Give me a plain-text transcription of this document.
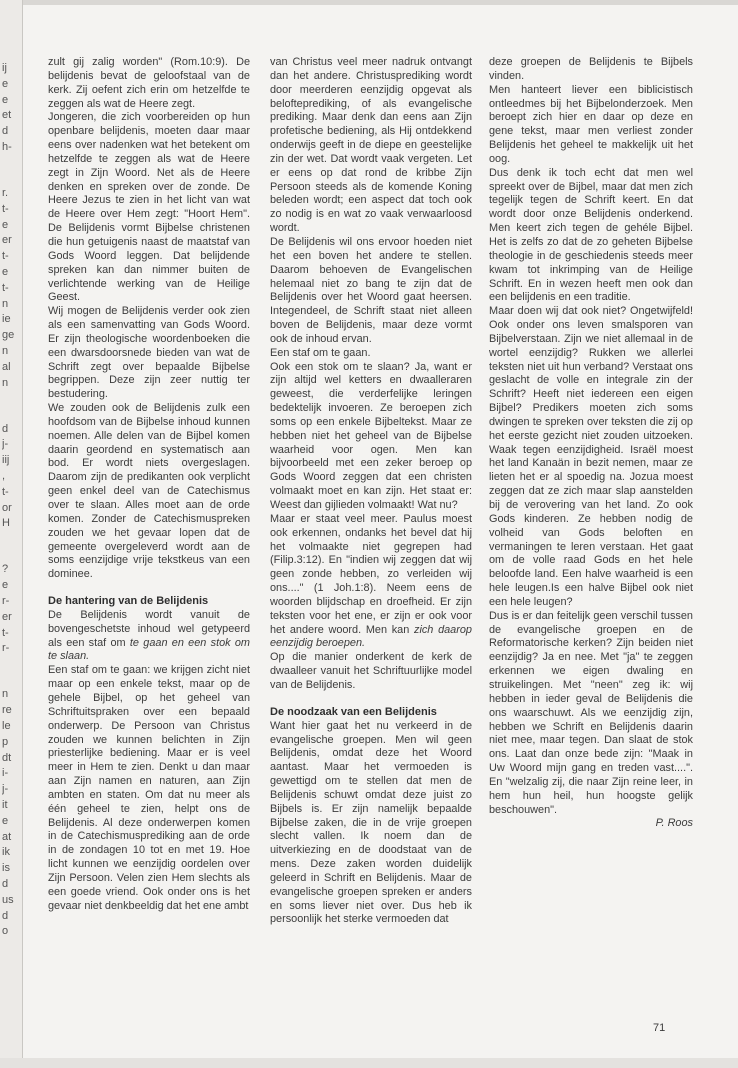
ij
e
e
et
d
h-
r.
t-
e
er
t-
e
t-
n
ie
ge
n
al
n
d
j-
iij
,
t-
or
H
?
e
r-
er
t-
r-
n
re
le
p
dt
i-
j-
it
e
at
ik
is
d
us
d
o

zult gij zalig worden" (Rom.10:9). De belijdenis bevat de geloofstaal van de kerk. Zij oefent zich erin om hetzelfde te zeggen als wat de Heere zegt.

Jongeren, die zich voorbereiden op hun openbare belijdenis, moeten daar maar eens over nadenken wat het betekent om hetzelfde te zeggen als wat de Heere zegt in Zijn Woord. Net als de Heere denken en spreken over de zonde. De Heere Jezus te zien in het licht van wat de Heere over Hem zegt: "Hoort Hem". De Belijdenis vormt Bijbelse christenen die hun getuigenis naast de maatstaf van Gods Woord leggen. Dat belijdende spreken kan dan nimmer buiten de verlichtende werking van de Heilige Geest.

Wij mogen de Belijdenis verder ook zien als een samenvatting van Gods Woord. Er zijn theologische woordenboeken die een dwarsdoorsnede bieden van wat de Schrift zegt over bepaalde Bijbelse begrippen. Deze zijn zeer nuttig ter bestudering.

We zouden ook de Belijdenis zulk een hoofdsom van de Bijbelse inhoud kunnen noemen. Alle delen van de Bijbel komen daarin geordend en systematisch aan bod. Er wordt niets overgeslagen. Daarom zijn de predikanten ook verplicht geen enkel deel van de Catechismus over te slaan. Alles moet aan de orde komen. Zonder de Catechismuspreken zouden we het gevaar lopen dat de gemeente overgeleverd wordt aan de soms eenzijdige vrije tekstkeus van een dominee.

De hantering van de Belijdenis

De Belijdenis wordt vanuit de bovengeschetste inhoud wel getypeerd als een staf om te gaan en een stok om te slaan.

Een staf om te gaan: we krijgen zicht niet maar op een enkele tekst, maar op de gehele Bijbel, op het geheel van Schriftuitspraken over een bepaald onderwerp. De Persoon van Christus zouden we kunnen belichten in Zijn priesterlijke bediening. Maar er is veel meer in Hem te zien. Denkt u dan maar aan Zijn namen en naturen, aan Zijn ambten en staten. Om dat nu meer als één geheel te zien, helpt ons de Belijdenis. Al deze onderwerpen komen in de Catechismusprediking aan de orde in de zondagen 10 tot en met 19. Hoe licht kunnen we eenzijdig oordelen over Zijn Persoon. Velen zien Hem slechts als een goede vriend. Ook onder ons is het gevaar niet denkbeeldig dat het ene ambt

van Christus veel meer nadruk ontvangt dan het andere. Christusprediking wordt door meerderen eenzijdig opgevat als belofteprediking, of als evangelische prediking. Maar denk dan eens aan Zijn profetische bediening, als Hij ontdekkend onderwijs geeft in de diepe en geestelijke zin der wet. Dat wordt vaak vergeten. Let er eens op dat rond de kribbe Zijn Persoon steeds als de komende Koning beleden wordt; een aspect dat toch ook zo nodig is en wat zo vaak verwaarloosd wordt.

De Belijdenis wil ons ervoor hoeden niet het een boven het andere te stellen. Daarom behoeven de Evangelischen helemaal niet zo bang te zijn dat de Belijdenis over het Woord gaat heersen. Integendeel, de Schrift staat niet alleen boven de Belijdenis, maar deze vormt ook de inhoud ervan.

Een staf om te gaan.

Ook een stok om te slaan? Ja, want er zijn altijd wel ketters en dwaalleraren geweest, die verderfelijke leringen bedektelijk invoeren. Ze beroepen zich soms op een enkele Bijbeltekst. Maar ze hebben niet het geheel van de Bijbelse waarheid voor ogen. Men kan bijvoorbeeld met een zeker beroep op Gods Woord zeggen dat een christen volmaakt moet en kan zijn. Het staat er: Weest dan gijlieden volmaakt! Wat nu?

Maar er staat veel meer. Paulus moest ook erkennen, ondanks het bevel dat hij het volmaakte niet gegrepen had (Filip.3:12). En "indien wij zeggen dat wij geen zonde hebben, zo verleiden wij ons...." (1 Joh.1:8). Neem eens de woorden blijdschap en droefheid. Er zijn teksten voor het ene, er zijn er ook voor het andere woord. Men kan zich daarop eenzijdig beroepen.

Op die manier onderkent de kerk de dwaalleer vanuit het Schriftuurlijke model van de Belijdenis.

De noodzaak van een Belijdenis

Want hier gaat het nu verkeerd in de evangelische groepen. Men wil geen Belijdenis, omdat deze het Woord aantast. Maar het vermoeden is gewettigd om te stellen dat men de Belijdenis schuwt omdat deze juist zo Bijbels is. Er zijn namelijk bepaalde Bijbelse zaken, die in de vrije groepen slecht vallen. Ik noem dan de uitverkiezing en de doodstaat van de mens. Deze zaken worden duidelijk geleerd in Schrift en Belijdenis. Maar de evangelische groepen spreken er anders en soms liever niet over. Dus heb ik persoonlijk het sterke vermoeden dat

deze groepen de Belijdenis te Bijbels vinden.

Men hanteert liever een biblicistisch ontleedmes bij het Bijbelonderzoek. Men beroept zich hier en daar op deze en gene tekst, maar men verliest zonder Belijdenis het geheel te makkelijk uit het oog.

Dus denk ik toch echt dat men wel spreekt over de Bijbel, maar dat men zich tegelijk tegen de Schrift keert. En dat wordt door onze Belijdenis onderkend. Men keert zich tegen de gehéle Bijbel. Het is zelfs zo dat de zo geheten Bijbelse theologie in de geschiedenis steeds meer kwam tot inkrimping van de Heilige Schrift. En in wezen heeft men ook dan een belijdenis en een traditie.

Maar doen wij dat ook niet? Ongetwijfeld! Ook onder ons leven smalsporen van Bijbelverstaan. Zijn we niet allemaal in de wortel eenzijdig? Rukken we allerlei teksten niet uit hun verband? Verstaat ons geslacht de volle en integrale zin der Schrift? Heeft niet iedereen een eigen Bijbel? Predikers moeten zich soms dwingen te spreken over teksten die zij op het eerste gezicht niet zouden uitzoeken. Waak tegen eenzijdigheid. Israël moest het land Kanaän in bezit nemen, maar ze lieten het er al spoedig na. Jozua moest zeggen dat ze zich maar slap aanstelden bij de verovering van het land. Zo ook Gods kinderen. Ze hebben nodig de volheid van Gods beloften en vermaningen te leren verstaan. Het gaat om de volle raad Gods en het hele beloofde land. Een halve waarheid is een hele leugen.Is een halve Bijbel ook niet een hele leugen?

Dus is er dan feitelijk geen verschil tussen de evangelische groepen en de Reformatorische kerken? Zijn beiden niet eenzijdig? Ja en nee. Met "ja" te zeggen erkennen we eigen dwaling en struikelingen. Met "neen" zeg ik: wij hebben in ieder geval de Belijdenis die ons waarschuwt. Als we eenzijdig zijn, hebben we Schrift en Belijdenis daarin niet mee, maar tegen. Dan slaat de stok ons. Laat dan onze bede zijn: "Maak in Uw Woord mijn gang en treden vast....". En "welzalig zij, die naar Zijn reine leer, in hem hun heil, hun hoogste gelijk beschouwen".

P. Roos

71
